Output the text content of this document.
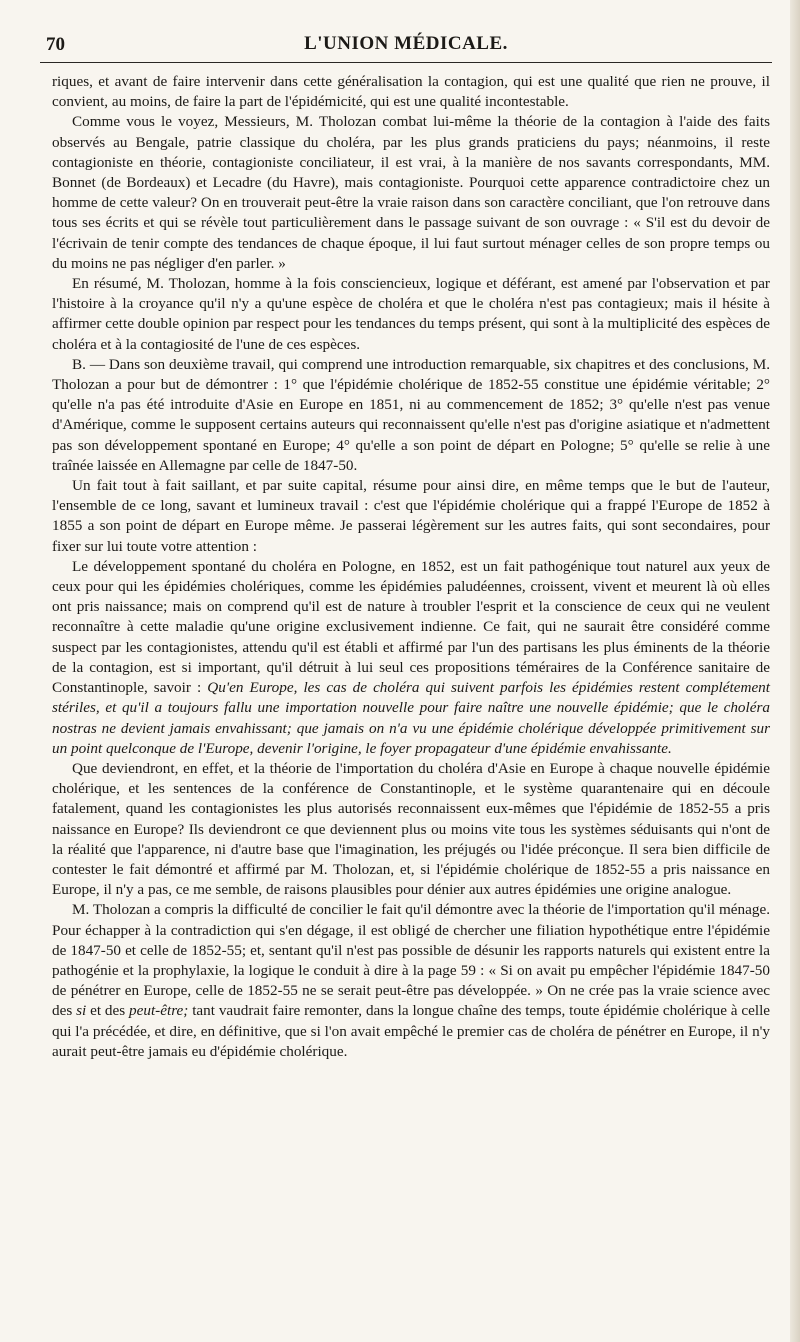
70	L'UNION MÉDICALE.

riques, et avant de faire intervenir dans cette généralisation la contagion, qui est une qualité que rien ne prouve, il convient, au moins, de faire la part de l'épidémicité, qui est une qualité incontestable.

Comme vous le voyez, Messieurs, M. Tholozan combat lui-même la théorie de la contagion à l'aide des faits observés au Bengale, patrie classique du choléra, par les plus grands praticiens du pays; néanmoins, il reste contagioniste en théorie, contagioniste conciliateur, il est vrai, à la manière de nos savants correspondants, MM. Bonnet (de Bordeaux) et Lecadre (du Havre), mais contagioniste. Pourquoi cette apparence contradictoire chez un homme de cette valeur? On en trouverait peut-être la vraie raison dans son caractère conciliant, que l'on retrouve dans tous ses écrits et qui se révèle tout particulièrement dans le passage suivant de son ouvrage : « S'il est du devoir de l'écrivain de tenir compte des tendances de chaque époque, il lui faut surtout ménager celles de son propre temps ou du moins ne pas négliger d'en parler. »

En résumé, M. Tholozan, homme à la fois consciencieux, logique et déférant, est amené par l'observation et par l'histoire à la croyance qu'il n'y a qu'une espèce de choléra et que le choléra n'est pas contagieux; mais il hésite à affirmer cette double opinion par respect pour les tendances du temps présent, qui sont à la multiplicité des espèces de choléra et à la contagiosité de l'une de ces espèces.

B. — Dans son deuxième travail, qui comprend une introduction remarquable, six chapitres et des conclusions, M. Tholozan a pour but de démontrer : 1° que l'épidémie cholérique de 1852-55 constitue une épidémie véritable; 2° qu'elle n'a pas été introduite d'Asie en Europe en 1851, ni au commencement de 1852; 3° qu'elle n'est pas venue d'Amérique, comme le supposent certains auteurs qui reconnaissent qu'elle n'est pas d'origine asiatique et n'admettent pas son développement spontané en Europe; 4° qu'elle a son point de départ en Pologne; 5° qu'elle se relie à une traînée laissée en Allemagne par celle de 1847-50.

Un fait tout à fait saillant, et par suite capital, résume pour ainsi dire, en même temps que le but de l'auteur, l'ensemble de ce long, savant et lumineux travail : c'est que l'épidémie cholérique qui a frappé l'Europe de 1852 à 1855 a son point de départ en Europe même. Je passerai légèrement sur les autres faits, qui sont secondaires, pour fixer sur lui toute votre attention :

Le développement spontané du choléra en Pologne, en 1852, est un fait pathogénique tout naturel aux yeux de ceux pour qui les épidémies cholériques, comme les épidémies paludéennes, croissent, vivent et meurent là où elles ont pris naissance; mais on comprend qu'il est de nature à troubler l'esprit et la conscience de ceux qui ne veulent reconnaître à cette maladie qu'une origine exclusivement indienne. Ce fait, qui ne saurait être considéré comme suspect par les contagionistes, attendu qu'il est établi et affirmé par l'un des partisans les plus éminents de la théorie de la contagion, est si important, qu'il détruit à lui seul ces propositions téméraires de la Conférence sanitaire de Constantinople, savoir : Qu'en Europe, les cas de choléra qui suivent parfois les épidémies restent complétement stériles, et qu'il a toujours fallu une importation nouvelle pour faire naître une nouvelle épidémie; que le choléra nostras ne devient jamais envahissant; que jamais on n'a vu une épidémie cholérique développée primitivement sur un point quelconque de l'Europe, devenir l'origine, le foyer propagateur d'une épidémie envahissante.

Que deviendront, en effet, et la théorie de l'importation du choléra d'Asie en Europe à chaque nouvelle épidémie cholérique, et les sentences de la conférence de Constantinople, et le système quarantenaire qui en découle fatalement, quand les contagionistes les plus autorisés reconnaissent eux-mêmes que l'épidémie de 1852-55 a pris naissance en Europe? Ils deviendront ce que deviennent plus ou moins vite tous les systèmes séduisants qui n'ont de la réalité que l'apparence, ni d'autre base que l'imagination, les préjugés ou l'idée préconçue. Il sera bien difficile de contester le fait démontré et affirmé par M. Tholozan, et, si l'épidémie cholérique de 1852-55 a pris naissance en Europe, il n'y a pas, ce me semble, de raisons plausibles pour dénier aux autres épidémies une origine analogue.

M. Tholozan a compris la difficulté de concilier le fait qu'il démontre avec la théorie de l'importation qu'il ménage. Pour échapper à la contradiction qui s'en dégage, il est obligé de chercher une filiation hypothétique entre l'épidémie de 1847-50 et celle de 1852-55; et, sentant qu'il n'est pas possible de désunir les rapports naturels qui existent entre la pathogénie et la prophylaxie, la logique le conduit à dire à la page 59 : « Si on avait pu empêcher l'épidémie 1847-50 de pénétrer en Europe, celle de 1852-55 ne se serait peut-être pas développée. » On ne crée pas la vraie science avec des si et des peut-être; tant vaudrait faire remonter, dans la longue chaîne des temps, toute épidémie cholérique à celle qui l'a précédée, et dire, en définitive, que si l'on avait empêché le premier cas de choléra de pénétrer en Europe, il n'y aurait peut-être jamais eu d'épidémie cholérique.
